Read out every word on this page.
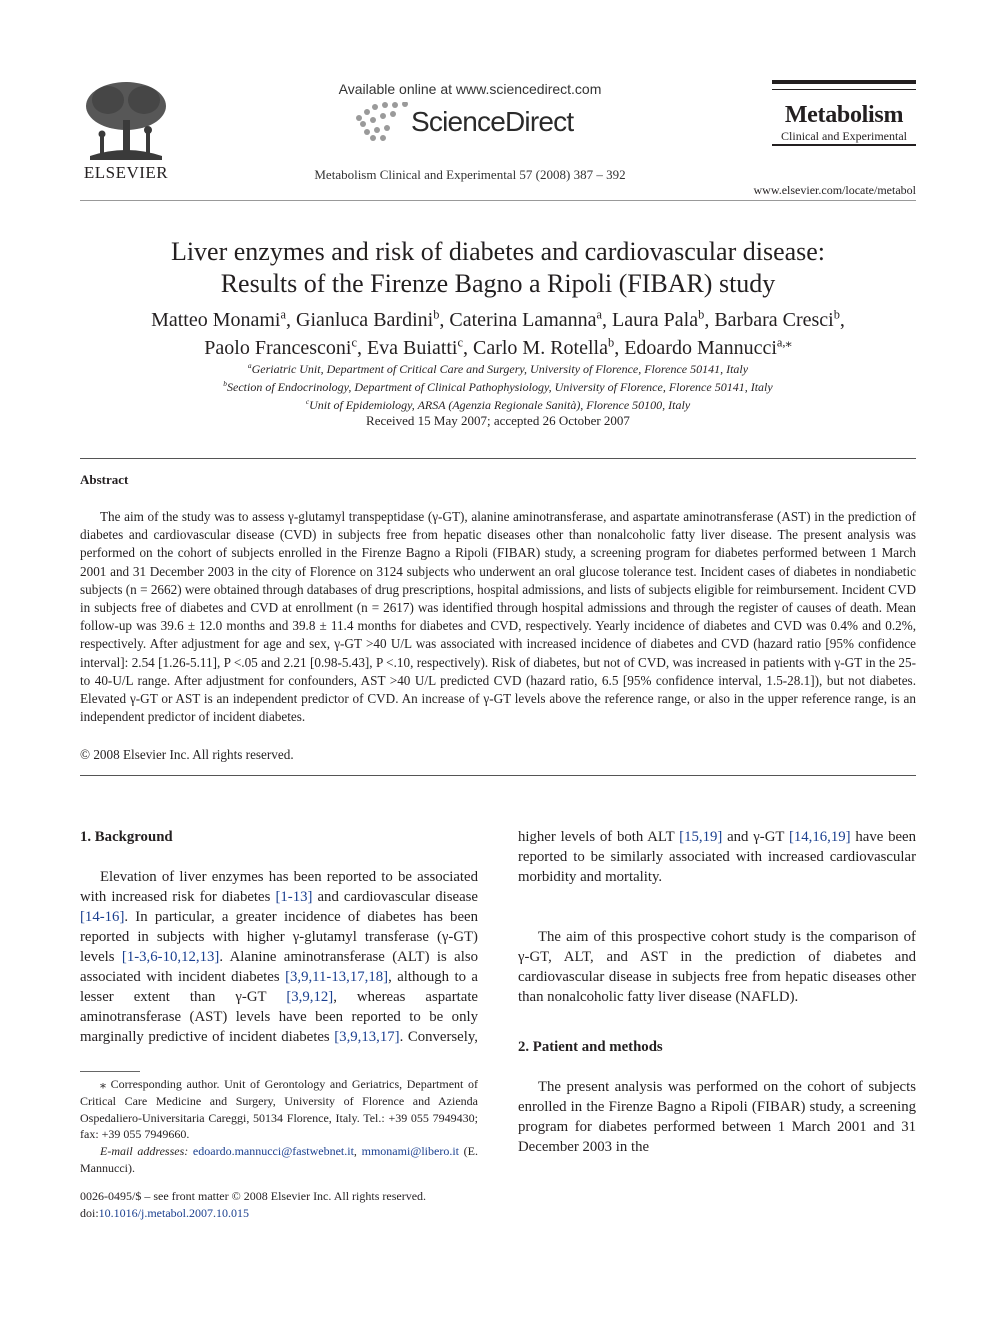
ELSEVIER
Available online at www.sciencedirect.com
ScienceDirect
Metabolism Clinical and Experimental 57 (2008) 387 – 392
Metabolism
Clinical and Experimental
www.elsevier.com/locate/metabol
Liver enzymes and risk of diabetes and cardiovascular disease:
Results of the Firenze Bagno a Ripoli (FIBAR) study
Matteo Monami$^a$, Gianluca Bardini$^b$, Caterina Lamanna$^a$, Laura Pala$^b$, Barbara Cresci$^b$,
Paolo Francesconi$^c$, Eva Buiatti$^c$, Carlo M. Rotella$^b$, Edoardo Mannucci$^{a,⁎}$
$^a$Geriatric Unit, Department of Critical Care and Surgery, University of Florence, Florence 50141, Italy
$^b$Section of Endocrinology, Department of Clinical Pathophysiology, University of Florence, Florence 50141, Italy
$^c$Unit of Epidemiology, ARSA (Agenzia Regionale Sanità), Florence 50100, Italy
Received 15 May 2007; accepted 26 October 2007
Abstract
The aim of the study was to assess γ-glutamyl transpeptidase (γ-GT), alanine aminotransferase, and aspartate aminotransferase (AST) in the prediction of diabetes and cardiovascular disease (CVD) in subjects free from hepatic diseases other than nonalcoholic fatty liver disease. The present analysis was performed on the cohort of subjects enrolled in the Firenze Bagno a Ripoli (FIBAR) study, a screening program for diabetes performed between 1 March 2001 and 31 December 2003 in the city of Florence on 3124 subjects who underwent an oral glucose tolerance test. Incident cases of diabetes in nondiabetic subjects (n = 2662) were obtained through databases of drug prescriptions, hospital admissions, and lists of subjects eligible for reimbursement. Incident CVD in subjects free of diabetes and CVD at enrollment (n = 2617) was identified through hospital admissions and through the register of causes of death. Mean follow-up was 39.6 ± 12.0 months and 39.8 ± 11.4 months for diabetes and CVD, respectively. Yearly incidence of diabetes and CVD was 0.4% and 0.2%, respectively. After adjustment for age and sex, γ-GT >40 U/L was associated with increased incidence of diabetes and CVD (hazard ratio [95% confidence interval]: 2.54 [1.26-5.11], P <.05 and 2.21 [0.98-5.43], P <.10, respectively). Risk of diabetes, but not of CVD, was increased in patients with γ-GT in the 25- to 40-U/L range. After adjustment for confounders, AST >40 U/L predicted CVD (hazard ratio, 6.5 [95% confidence interval, 1.5-28.1]), but not diabetes. Elevated γ-GT or AST is an independent predictor of CVD. An increase of γ-GT levels above the reference range, or also in the upper reference range, is an independent predictor of incident diabetes.
© 2008 Elsevier Inc. All rights reserved.
1. Background
Elevation of liver enzymes has been reported to be associated with increased risk for diabetes [1-13] and cardiovascular disease [14-16]. In particular, a greater incidence of diabetes has been reported in subjects with higher γ-glutamyl transferase (γ-GT) levels [1-3,6-10,12,13]. Alanine aminotransferase (ALT) is also associated with incident diabetes [3,9,11-13,17,18], although to a lesser extent than γ-GT [3,9,12], whereas aspartate aminotransferase (AST) levels have been reported to be only marginally predictive of incident diabetes [3,9,13,17]. Conversely,
higher levels of both ALT [15,19] and γ-GT [14,16,19] have been reported to be similarly associated with increased cardiovascular morbidity and mortality.
The aim of this prospective cohort study is the comparison of γ-GT, ALT, and AST in the prediction of diabetes and cardiovascular disease in subjects free from hepatic diseases other than nonalcoholic fatty liver disease (NAFLD).
2. Patient and methods
The present analysis was performed on the cohort of subjects enrolled in the Firenze Bagno a Ripoli (FIBAR) study, a screening program for diabetes performed between 1 March 2001 and 31 December 2003 in the
⁎ Corresponding author. Unit of Gerontology and Geriatrics, Department of Critical Care Medicine and Surgery, University of Florence and Azienda Ospedaliero-Universitaria Careggi, 50134 Florence, Italy. Tel.: +39 055 7949430; fax: +39 055 7949660.
E-mail addresses: edoardo.mannucci@fastwebnet.it, mmonami@libero.it (E. Mannucci).
0026-0495/$ – see front matter © 2008 Elsevier Inc. All rights reserved.
doi:10.1016/j.metabol.2007.10.015
